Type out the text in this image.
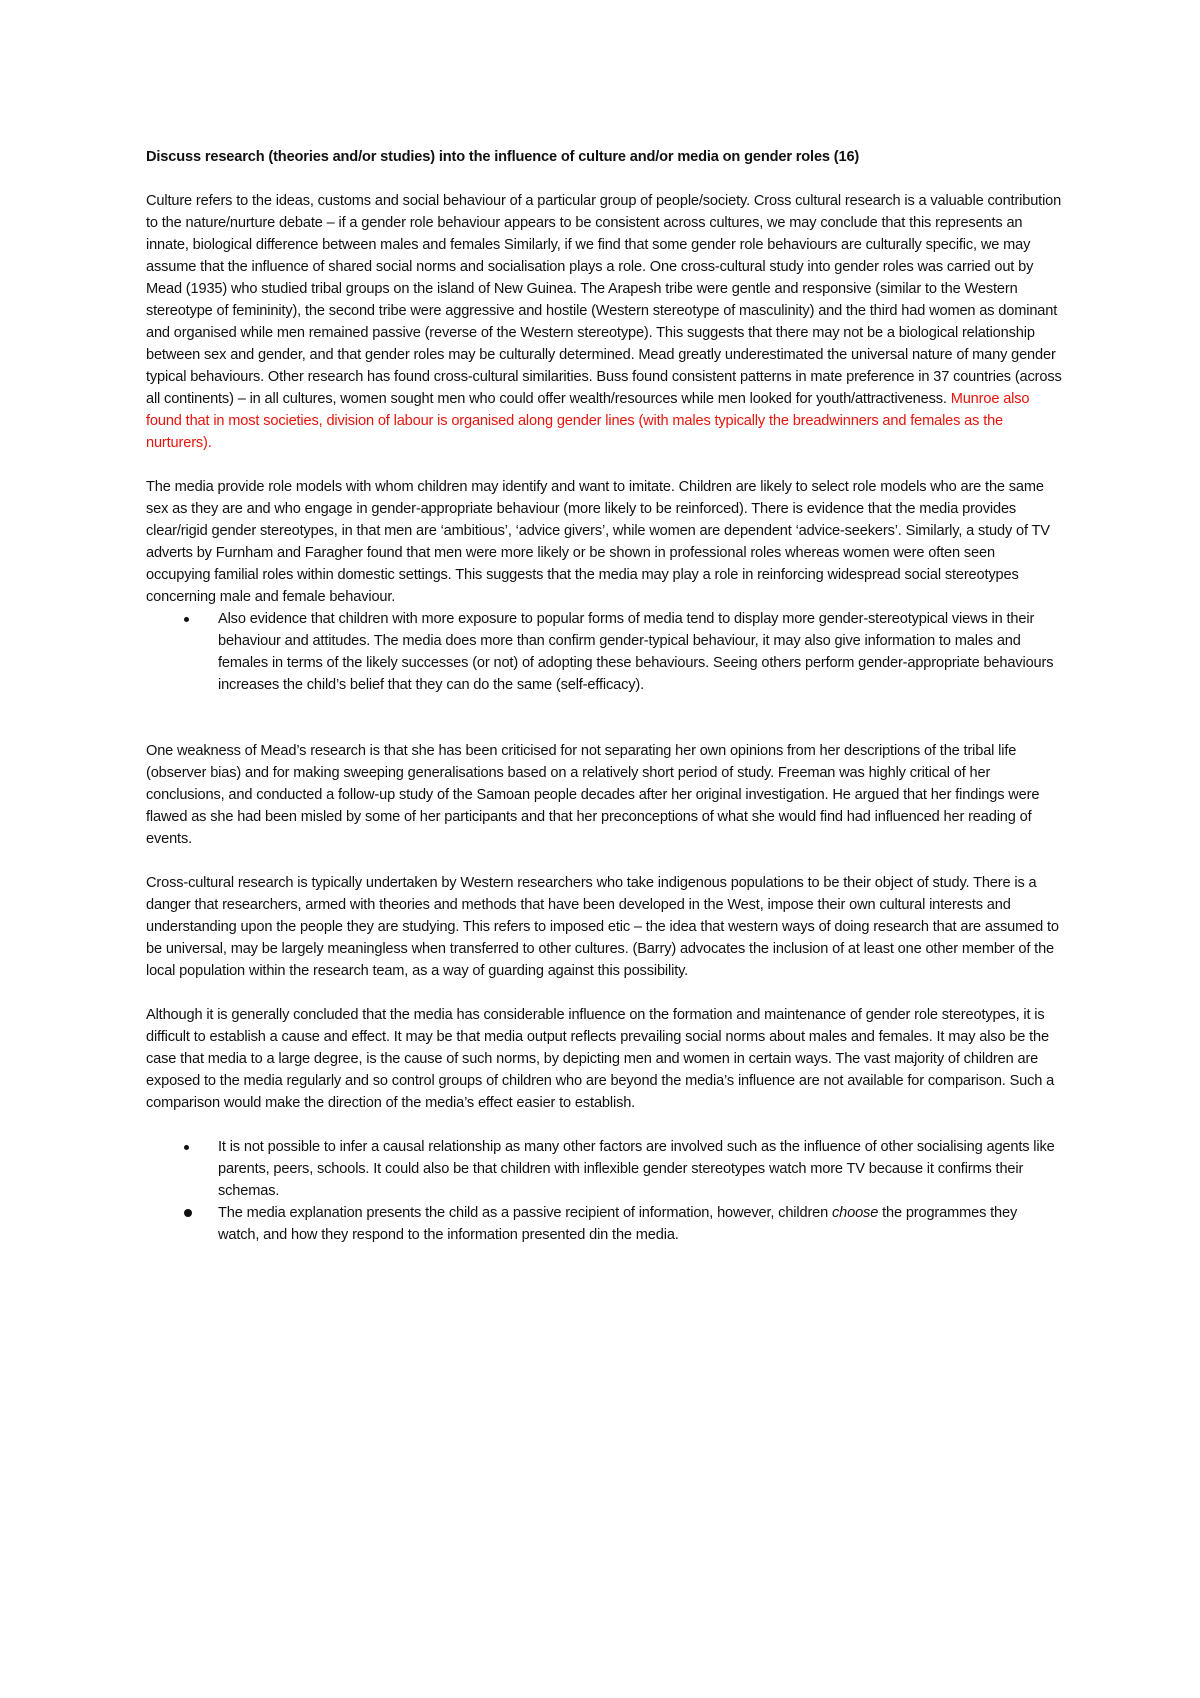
Discuss research (theories and/or studies) into the influence of culture and/or media on gender roles (16)

Culture refers to the ideas, customs and social behaviour of a particular group of people/society. Cross cultural research is a valuable contribution to the nature/nurture debate – if a gender role behaviour appears to be consistent across cultures, we may conclude that this represents an innate, biological difference between males and females Similarly, if we find that some gender role behaviours are culturally specific, we may assume that the influence of shared social norms and socialisation plays a role. One cross-cultural study into gender roles was carried out by Mead (1935) who studied tribal groups on the island of New Guinea. The Arapesh tribe were gentle and responsive (similar to the Western stereotype of femininity), the second tribe were aggressive and hostile (Western stereotype of masculinity) and the third had women as dominant and organised while men remained passive (reverse of the Western stereotype). This suggests that there may not be a biological relationship between sex and gender, and that gender roles may be culturally determined. Mead greatly underestimated the universal nature of many gender typical behaviours. Other research has found cross-cultural similarities. Buss found consistent patterns in mate preference in 37 countries (across all continents) – in all cultures, women sought men who could offer wealth/resources while men looked for youth/attractiveness. Munroe also found that in most societies, division of labour is organised along gender lines (with males typically the breadwinners and females as the nurturers).

The media provide role models with whom children may identify and want to imitate. Children are likely to select role models who are the same sex as they are and who engage in gender-appropriate behaviour (more likely to be reinforced). There is evidence that the media provides clear/rigid gender stereotypes, in that men are ‘ambitious’, ‘advice givers’, while women are dependent ‘advice-seekers’. Similarly, a study of TV adverts by Furnham and Faragher found that men were more likely or be shown in professional roles whereas women were often seen occupying familial roles within domestic settings. This suggests that the media may play a role in reinforcing widespread social stereotypes concerning male and female behaviour.

Also evidence that children with more exposure to popular forms of media tend to display more gender-stereotypical views in their behaviour and attitudes. The media does more than confirm gender-typical behaviour, it may also give information to males and females in terms of the likely successes (or not) of adopting these behaviours. Seeing others perform gender-appropriate behaviours increases the child’s belief that they can do the same (self-efficacy).

One weakness of Mead’s research is that she has been criticised for not separating her own opinions from her descriptions of the tribal life (observer bias) and for making sweeping generalisations based on a relatively short period of study. Freeman was highly critical of her conclusions, and conducted a follow-up study of the Samoan people decades after her original investigation. He argued that her findings were flawed as she had been misled by some of her participants and that her preconceptions of what she would find had influenced her reading of events.

Cross-cultural research is typically undertaken by Western researchers who take indigenous populations to be their object of study. There is a danger that researchers, armed with theories and methods that have been developed in the West, impose their own cultural interests and understanding upon the people they are studying. This refers to imposed etic – the idea that western ways of doing research that are assumed to be universal, may be largely meaningless when transferred to other cultures. (Barry) advocates the inclusion of at least one other member of the local population within the research team, as a way of guarding against this possibility.

Although it is generally concluded that the media has considerable influence on the formation and maintenance of gender role stereotypes, it is difficult to establish a cause and effect. It may be that media output reflects prevailing social norms about males and females. It may also be the case that media to a large degree, is the cause of such norms, by depicting men and women in certain ways. The vast majority of children are exposed to the media regularly and so control groups of children who are beyond the media’s influence are not available for comparison. Such a comparison would make the direction of the media’s effect easier to establish.

It is not possible to infer a causal relationship as many other factors are involved such as the influence of other socialising agents like parents, peers, schools. It could also be that children with inflexible gender stereotypes watch more TV because it confirms their schemas.
The media explanation presents the child as a passive recipient of information, however, children choose the programmes they watch, and how they respond to the information presented din the media.
